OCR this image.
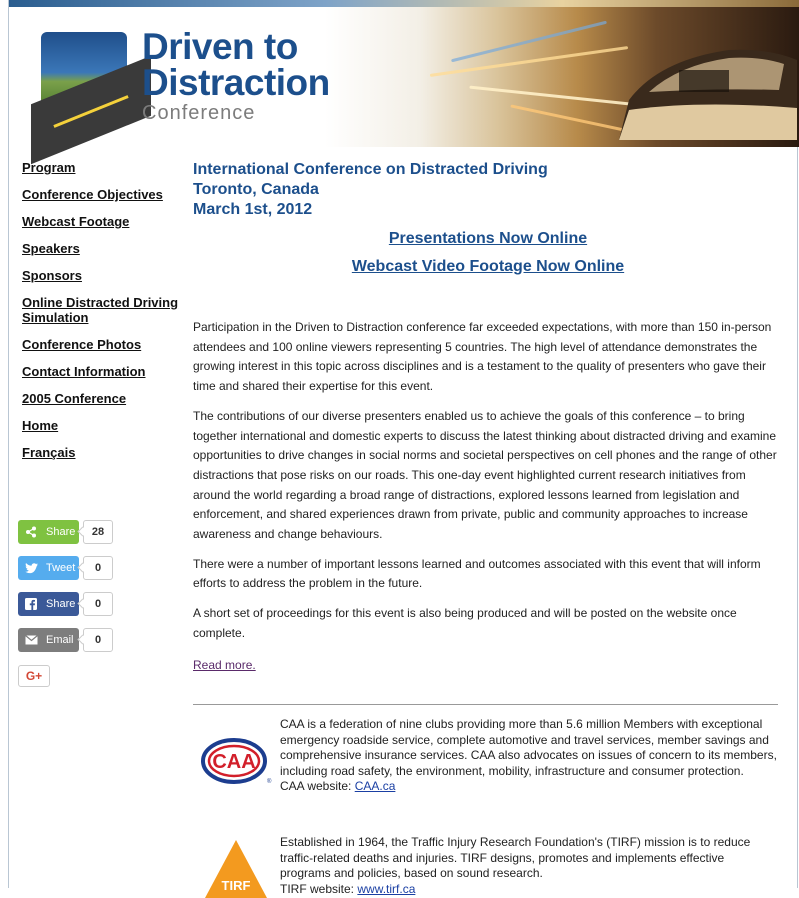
Driven to
Distraction
Conference
Program
Conference Objectives
Webcast Footage
Speakers
Sponsors
Online Distracted Driving Simulation
Conference Photos
Contact Information
2005 Conference
Home
Français
Share	28
Tweet	0
Share	0
Email	0
G+

International Conference on Distracted Driving

Toronto, Canada

March 1st, 2012

Presentations Now Online

Webcast Video Footage Now Online

Participation in the Driven to Distraction conference far exceeded expectations, with more than 150 in-person attendees and 100 online viewers representing 5 countries. The high level of attendance demonstrates the growing interest in this topic across disciplines and is a testament to the quality of presenters who gave their time and shared their expertise for this event.

The contributions of our diverse presenters enabled us to achieve the goals of this conference – to bring together international and domestic experts to discuss the latest thinking about distracted driving and examine opportunities to drive changes in social norms and societal perspectives on cell phones and the range of other distractions that pose risks on our roads. This one-day event highlighted current research initiatives from around the world regarding a broad range of distractions, explored lessons learned from legislation and enforcement, and shared experiences drawn from private, public and community approaches to increase awareness and change behaviours.

There were a number of important lessons learned and outcomes associated with this event that will inform efforts to address the problem in the future.

A short set of proceedings for this event is also being produced and will be posted on the website once complete.

Read more.

CAA
®
CAA is a federation of nine clubs providing more than 5.6 million Members with exceptional emergency roadside service, complete automotive and travel services, member savings and comprehensive insurance services. CAA also advocates on issues of concern to its members, including road safety, the environment, mobility, infrastructure and consumer protection.
CAA website: CAA.ca
TIRF
Established in 1964, the Traffic Injury Research Foundation's (TIRF) mission is to reduce traffic-related deaths and injuries. TIRF designs, promotes and implements effective programs and policies, based on sound research.
TIRF website: www.tirf.ca
